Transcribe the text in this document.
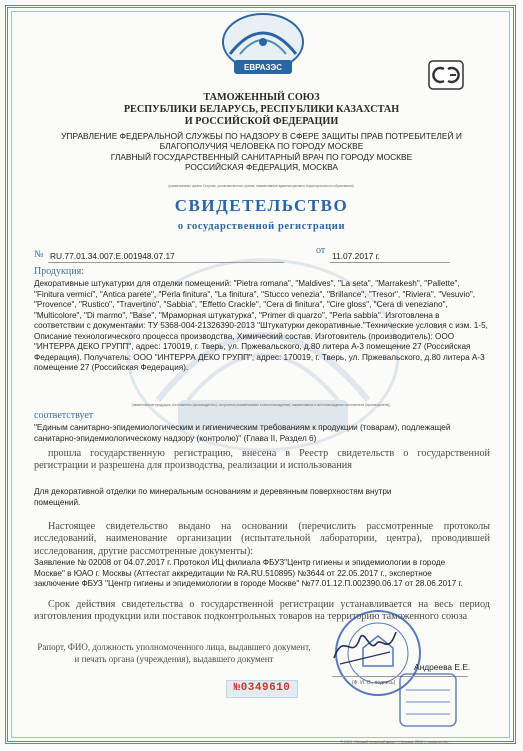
ЕВРАЗЭС
ТАМОЖЕННЫЙ СОЮЗ
РЕСПУБЛИКИ БЕЛАРУСЬ, РЕСПУБЛИКИ КАЗАХСТАН
И РОССИЙСКОЙ ФЕДЕРАЦИИ
УПРАВЛЕНИЕ ФЕДЕРАЛЬНОЙ СЛУЖБЫ ПО НАДЗОРУ В СФЕРЕ ЗАЩИТЫ ПРАВ ПОТРЕБИТЕЛЕЙ И
БЛАГОПОЛУЧИЯ ЧЕЛОВЕКА ПО ГОРОДУ МОСКВЕ
ГЛАВНЫЙ ГОСУДАРСТВЕННЫЙ САНИТАРНЫЙ ВРАЧ ПО ГОРОДУ МОСКВЕ
РОССИЙСКАЯ ФЕДЕРАЦИЯ, МОСКВА
(наименование органа Стороны, уполномоченного органа, наименование административно-территориального образования)
СВИДЕТЕЛЬСТВО
о государственной регистрации
№ RU.77.01.34.007.Е.001948.07.17	от 11.07.2017 г.
Продукция:
Декоративные штукатурки для отделки помещений: "Pietra romana", "Maldives", "La seta", "Marrakesh", "Pallette", "Finitura vermici", "Antica parete", "Perla finitura", "La finitura", "Stucco venezia", "Brillance", "Tresor", "Riviera", "Vesuvio", "Provence", "Rustico", "Travertino", "Sabbia", "Effetto Crackle", "Cera di finitura", "Cire gloss", "Cera di veneziano", "Multicolore", "Di marmo", "Base", "Мраморная штукатурка", "Primer di quarzo", "Perla sabbia". Изготовлена в соответствии с документами: ТУ 5368-004-21326390-2013 "Штукатурки декоративные."Технические условия с изм. 1-5, Описание технологического процесса производства, Химический состав. Изготовитель (производитель): ООО "ИНТЕРРА ДЕКО ГРУПП", адрес: 170019, г. Тверь, ул. Пржевальского, д.80 литера А-3 помещение 27 (Российская Федерация). Получатель: ООО "ИНТЕРРА ДЕКО ГРУПП", адрес: 170019, г. Тверь, ул. Пржевальского, д.80 литера А-3 помещение 27 (Российская Федерация).
(наименование продукции, изготовитель (производитель), получатель (наименование и местонахождение), наименование и местонахождение изготовителя (производителя))
соответствует
"Единым санитарно-эпидемиологическим и гигиеническим требованиям к продукции (товарам), подлежащей санитарно-эпидемиологическому надзору (контролю)" (Глава II, Раздел 6)
прошла государственную регистрацию, внесена в Реестр свидетельств о государственной регистрации и разрешена для производства, реализации и использования
Для декоративной отделки по минеральным основаниям и деревянным поверхностям внутри помещений.
Настоящее свидетельство выдано на основании (перечислить рассмотренные протоколы исследований, наименование организации (испытательной лаборатории, центра), проводившей исследования, другие рассмотренные документы):
Заявление № 02008 от 04.07.2017 г. Протокол ИЦ филиала ФБУЗ"Центр гигиены и эпидемиологии в городе Москве" в ЮАО г. Москвы (Аттестат аккредитации № RA.RU.510895) №3644 от 22.05.2017 г., экспертное заключение ФБУЗ "Центр гигиены и эпидемиологии в городе Москве" №77.01.12.П.002390.06.17 от 28.06.2017 г.
Срок действия свидетельства о государственной регистрации устанавливается на весь период изготовления продукции или поставок подконтрольных товаров на территорию таможенного союза
Рапорт, ФИО, должность уполномоченного лица, выдавшего документ, и печать органа (учреждения), выдавшего документ
Андреева Е.Е.
(Ф. И. О., подпись)
№0349610
© ООО «Первый печатный двор», г. Москва, 2014 г., уровень «А»
